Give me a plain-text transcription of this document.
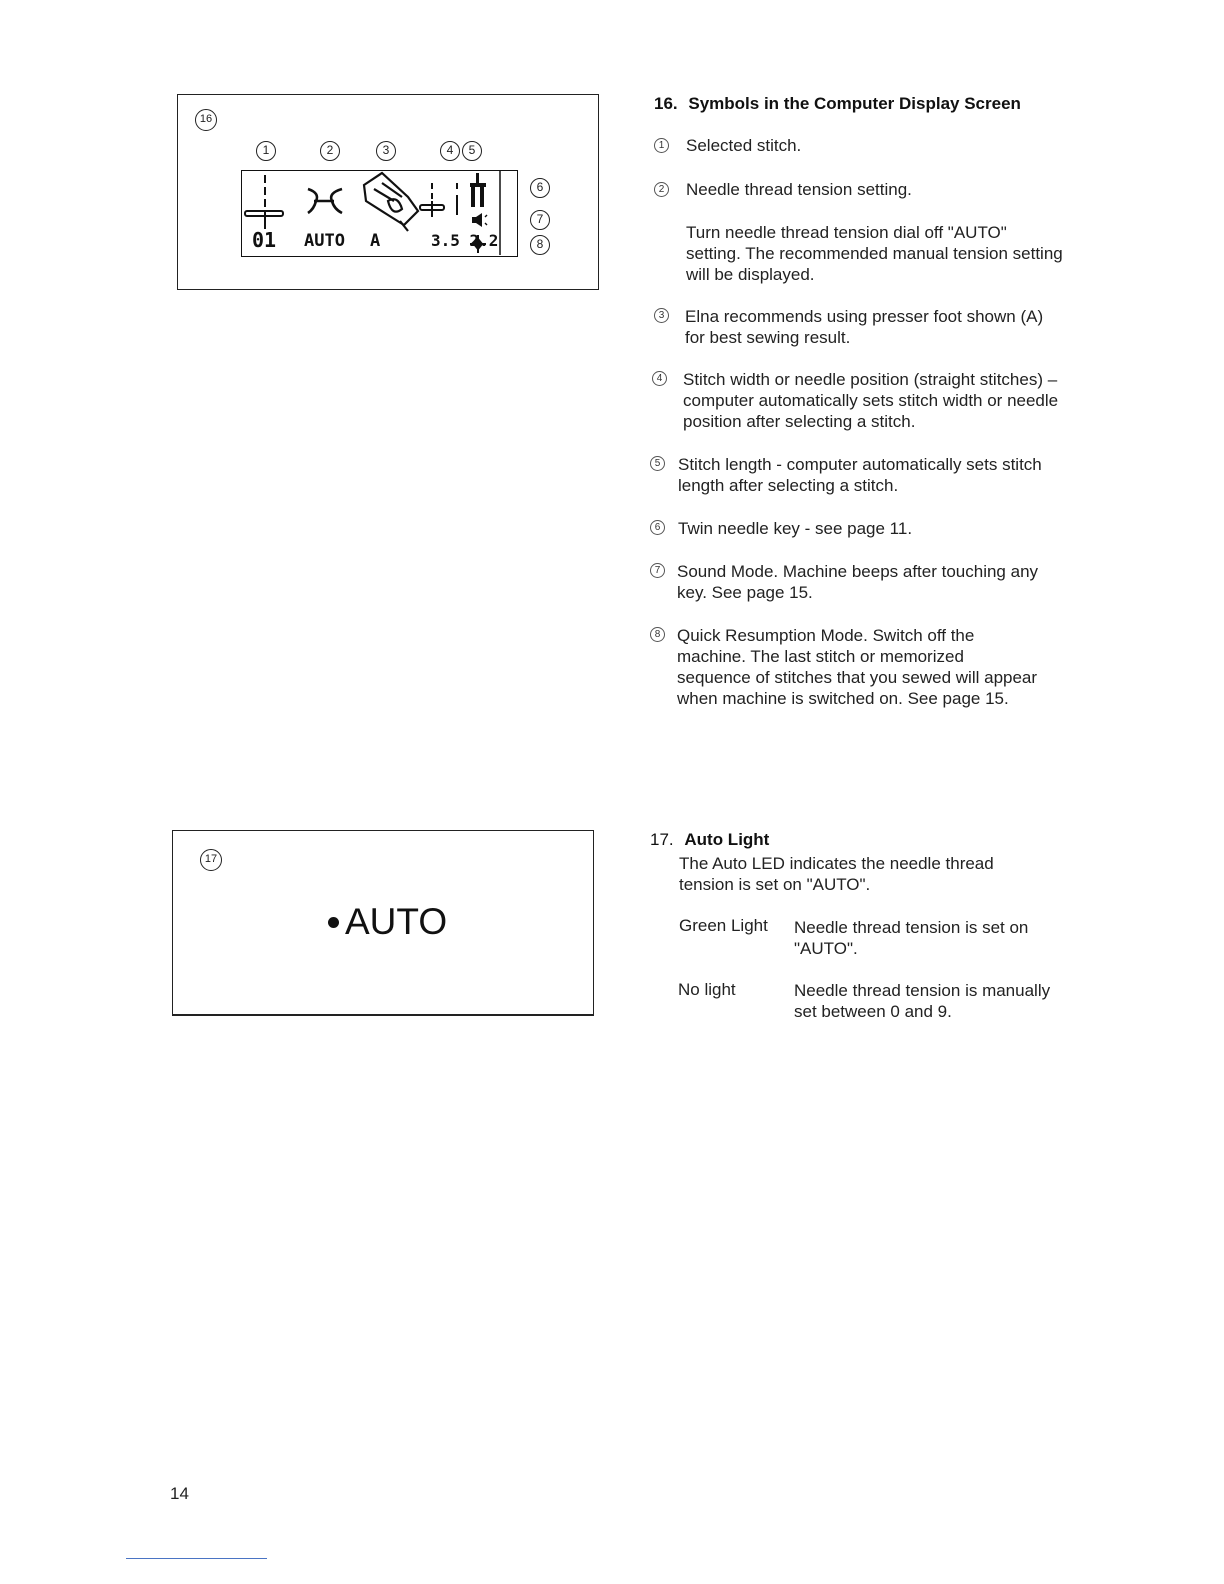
16
1	2	3	4	5
6
7
8
01 AUTO A	3.5 2.2
16. Symbols in the Computer Display Screen
1 Selected stitch.
2 Needle thread tension setting.
Turn needle thread tension dial off "AUTO" setting. The recommended manual tension setting will be displayed.
3 Elna recommends using presser foot shown (A) for best sewing result.
4 Stitch width or needle position (straight stitches) – computer automatically sets stitch width or needle position after selecting a stitch.
5 Stitch length - computer automatically sets stitch length after selecting a stitch.
6 Twin needle key - see page 11.
7 Sound Mode. Machine beeps after touching any key. See page 15.
8 Quick Resumption Mode. Switch off the machine. The last stitch or memorized sequence of stitches that you sewed will appear when machine is switched on. See page 15.
17
AUTO
17. Auto Light
The Auto LED indicates the needle thread tension is set on "AUTO".
Green Light	Needle thread tension is set on "AUTO".
No light	Needle thread tension is manually set between 0 and 9.
14
